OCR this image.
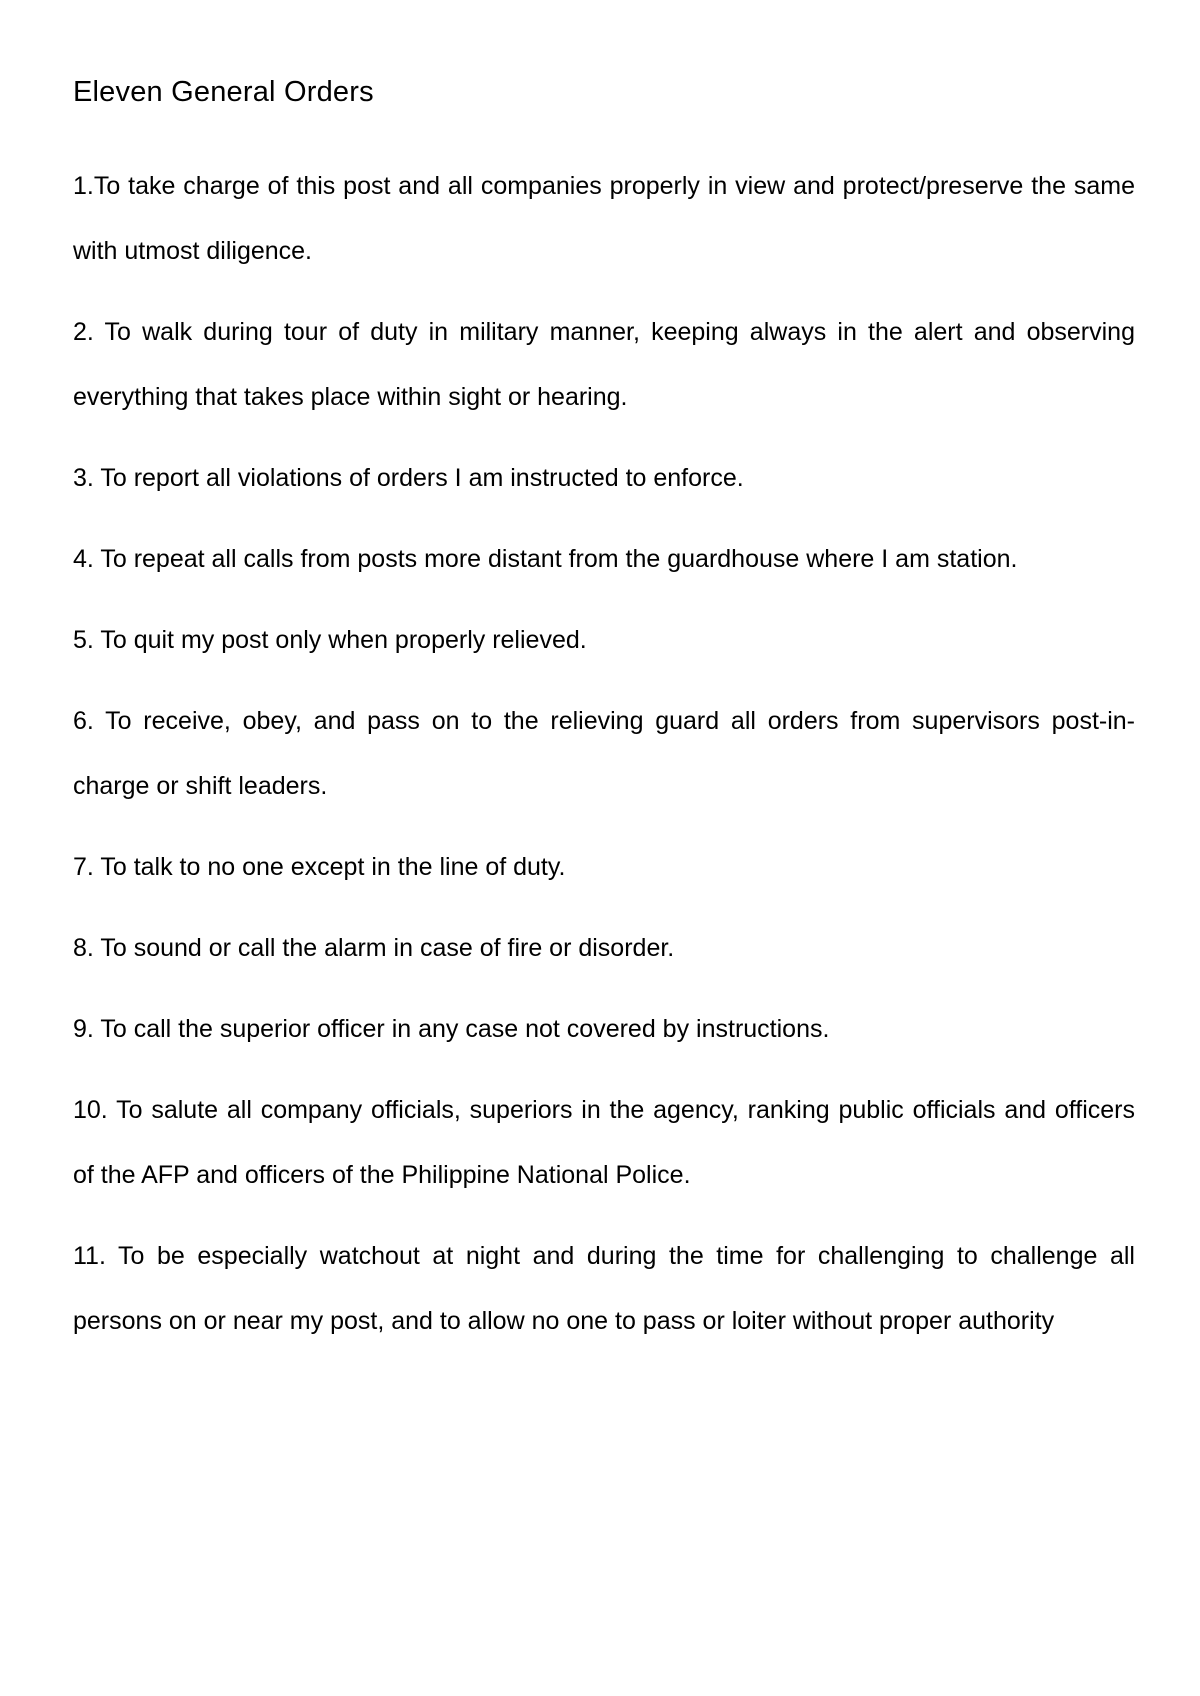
Eleven General Orders

1.To take charge of this post and all companies properly in view and protect/preserve the same with utmost diligence.

2. To walk during tour of duty in military manner, keeping always in the alert and observing everything that takes place within sight or hearing.

3. To report all violations of orders I am instructed to enforce.

4. To repeat all calls from posts more distant from the guardhouse where I am station.

5. To quit my post only when properly relieved.

6. To receive, obey, and pass on to the relieving guard all orders from supervisors post-in-charge or shift leaders.

7. To talk to no one except in the line of duty.

8. To sound or call the alarm in case of fire or disorder.

9. To call the superior officer in any case not covered by instructions.

10. To salute all company officials, superiors in the agency, ranking public officials and officers of the AFP and officers of the Philippine National Police.

11. To be especially watchout at night and during the time for challenging to challenge all persons on or near my post, and to allow no one to pass or loiter without proper authority
